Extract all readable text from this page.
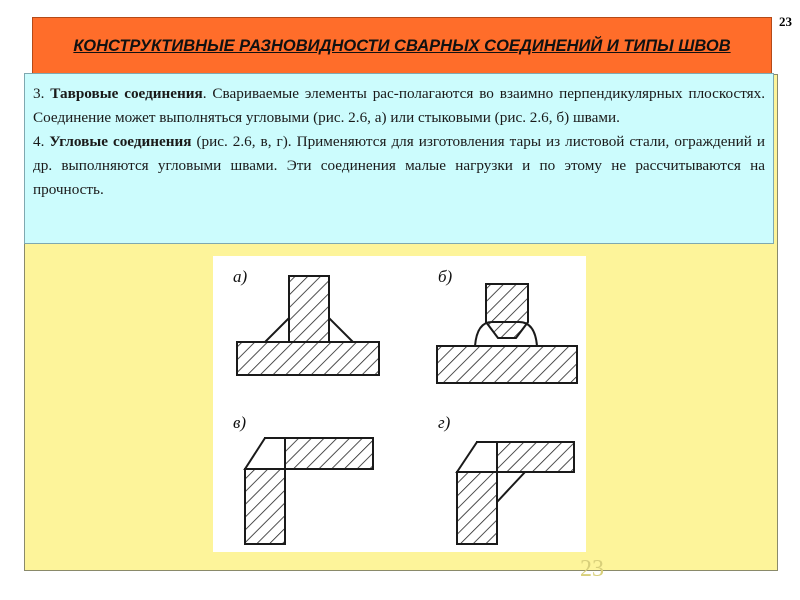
23
23
КОНСТРУКТИВНЫЕ РАЗНОВИДНОСТИ СВАРНЫХ СОЕДИНЕНИЙ И ТИПЫ ШВОВ

3. Тавровые соединения. Свариваемые элементы рас-полагаются во взаимно перпендикулярных плоскостях. Соединение может выполняться угловыми (рис. 2.6, а) или стыковыми (рис. 2.6, б) швами.

4. Угловые соединения (рис. 2.6, в, г). Применяются для изготовления тары из листовой стали, ограждений и др. выполняются угловыми швами. Эти соединения малые нагрузки и по этому не рассчитываются на прочность.

а)	б)
в)	г)
